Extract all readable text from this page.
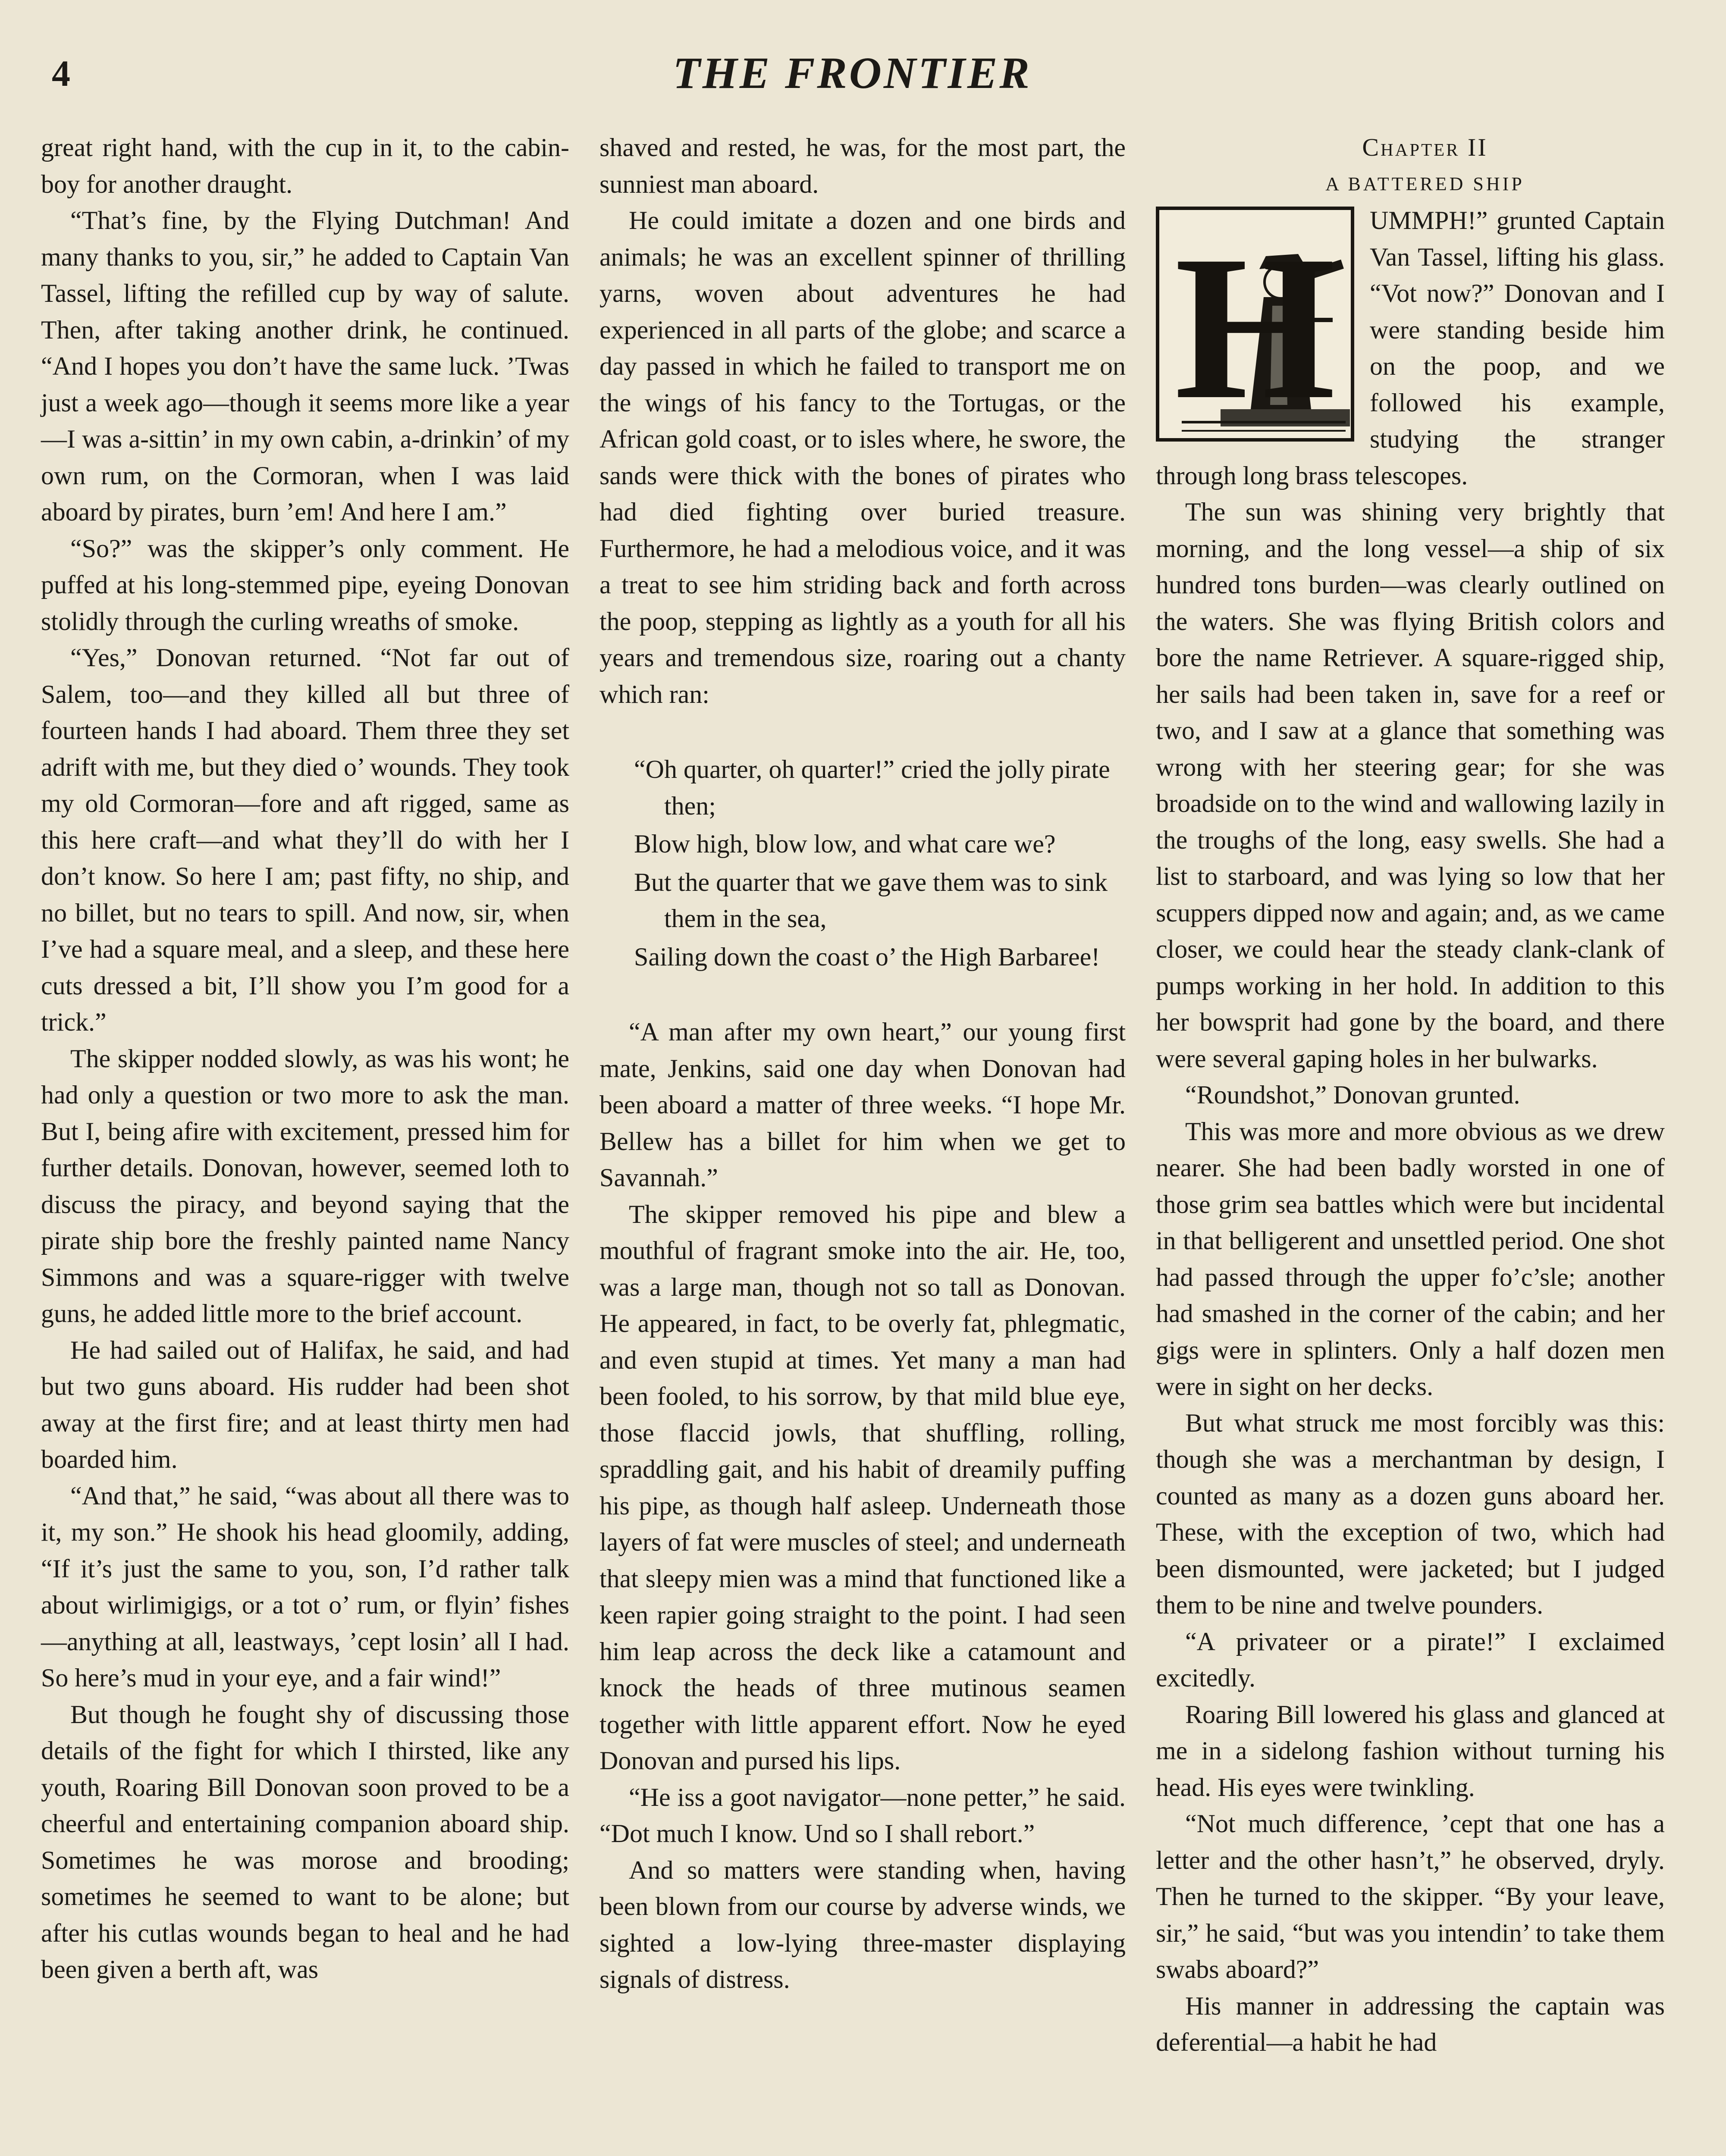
4	THE FRONTIER

great right hand, with the cup in it, to the cabin-boy for another draught.

“That’s fine, by the Flying Dutchman! And many thanks to you, sir,” he added to Captain Van Tassel, lifting the refilled cup by way of salute. Then, after taking another drink, he continued. “And I hopes you don’t have the same luck. ’Twas just a week ago—though it seems more like a year—I was a-sittin’ in my own cabin, a-drinkin’ of my own rum, on the Cormoran, when I was laid aboard by pirates, burn ’em! And here I am.”

“So?” was the skipper’s only comment. He puffed at his long-stemmed pipe, eyeing Donovan stolidly through the curling wreaths of smoke.

“Yes,” Donovan returned. “Not far out of Salem, too—and they killed all but three of fourteen hands I had aboard. Them three they set adrift with me, but they died o’ wounds. They took my old Cormoran—fore and aft rigged, same as this here craft—and what they’ll do with her I don’t know. So here I am; past fifty, no ship, and no billet, but no tears to spill. And now, sir, when I’ve had a square meal, and a sleep, and these here cuts dressed a bit, I’ll show you I’m good for a trick.”

The skipper nodded slowly, as was his wont; he had only a question or two more to ask the man. But I, being afire with excitement, pressed him for further details. Donovan, however, seemed loth to discuss the piracy, and beyond saying that the pirate ship bore the freshly painted name Nancy Simmons and was a square-rigger with twelve guns, he added little more to the brief account.

He had sailed out of Halifax, he said, and had but two guns aboard. His rudder had been shot away at the first fire; and at least thirty men had boarded him.

“And that,” he said, “was about all there was to it, my son.” He shook his head gloomily, adding, “If it’s just the same to you, son, I’d rather talk about wirlimigigs, or a tot o’ rum, or flyin’ fishes—anything at all, leastways, ’cept losin’ all I had. So here’s mud in your eye, and a fair wind!”

But though he fought shy of discussing those details of the fight for which I thirsted, like any youth, Roaring Bill Donovan soon proved to be a cheerful and entertaining companion aboard ship. Sometimes he was morose and brooding; sometimes he seemed to want to be alone; but after his cutlas wounds began to heal and he had been given a berth aft, was

shaved and rested, he was, for the most part, the sunniest man aboard.

He could imitate a dozen and one birds and animals; he was an excellent spinner of thrilling yarns, woven about adventures he had experienced in all parts of the globe; and scarce a day passed in which he failed to transport me on the wings of his fancy to the Tortugas, or the African gold coast, or to isles where, he swore, the sands were thick with the bones of pirates who had died fighting over buried treasure. Furthermore, he had a melodious voice, and it was a treat to see him striding back and forth across the poop, stepping as lightly as a youth for all his years and tremendous size, roaring out a chanty which ran:

“Oh quarter, oh quarter!” cried the jolly pirate then;

Blow high, blow low, and what care we?

But the quarter that we gave them was to sink them in the sea,

Sailing down the coast o’ the High Barbaree!

“A man after my own heart,” our young first mate, Jenkins, said one day when Donovan had been aboard a matter of three weeks. “I hope Mr. Bellew has a billet for him when we get to Savannah.”

The skipper removed his pipe and blew a mouthful of fragrant smoke into the air. He, too, was a large man, though not so tall as Donovan. He appeared, in fact, to be overly fat, phlegmatic, and even stupid at times. Yet many a man had been fooled, to his sorrow, by that mild blue eye, those flaccid jowls, that shuffling, rolling, spraddling gait, and his habit of dreamily puffing his pipe, as though half asleep. Underneath those layers of fat were muscles of steel; and underneath that sleepy mien was a mind that functioned like a keen rapier going straight to the point. I had seen him leap across the deck like a catamount and knock the heads of three mutinous seamen together with little apparent effort. Now he eyed Donovan and pursed his lips.

“He iss a goot navigator—none petter,” he said. “Dot much I know. Und so I shall rebort.”

And so matters were standing when, having been blown from our course by adverse winds, we sighted a low-lying three-master displaying signals of distress.

Chapter II

A BATTERED SHIP

H	UMMPH!” grunted Captain Van Tassel, lifting his glass. “Vot now?” Donovan and I were standing beside him on the poop, and we followed his example, studying the stranger through long brass telescopes.

The sun was shining very brightly that morning, and the long vessel—a ship of six hundred tons burden—was clearly outlined on the waters. She was flying British colors and bore the name Retriever. A square-rigged ship, her sails had been taken in, save for a reef or two, and I saw at a glance that something was wrong with her steering gear; for she was broadside on to the wind and wallowing lazily in the troughs of the long, easy swells. She had a list to starboard, and was lying so low that her scuppers dipped now and again; and, as we came closer, we could hear the steady clank-clank of pumps working in her hold. In addition to this her bowsprit had gone by the board, and there were several gaping holes in her bulwarks.

“Roundshot,” Donovan grunted.

This was more and more obvious as we drew nearer. She had been badly worsted in one of those grim sea battles which were but incidental in that belligerent and unsettled period. One shot had passed through the upper fo’c’sle; another had smashed in the corner of the cabin; and her gigs were in splinters. Only a half dozen men were in sight on her decks.

But what struck me most forcibly was this: though she was a merchantman by design, I counted as many as a dozen guns aboard her. These, with the exception of two, which had been dismounted, were jacketed; but I judged them to be nine and twelve pounders.

“A privateer or a pirate!” I exclaimed excitedly.

Roaring Bill lowered his glass and glanced at me in a sidelong fashion without turning his head. His eyes were twinkling.

“Not much difference, ’cept that one has a letter and the other hasn’t,” he observed, dryly. Then he turned to the skipper. “By your leave, sir,” he said, “but was you intendin’ to take them swabs aboard?”

His manner in addressing the captain was deferential—a habit he had
